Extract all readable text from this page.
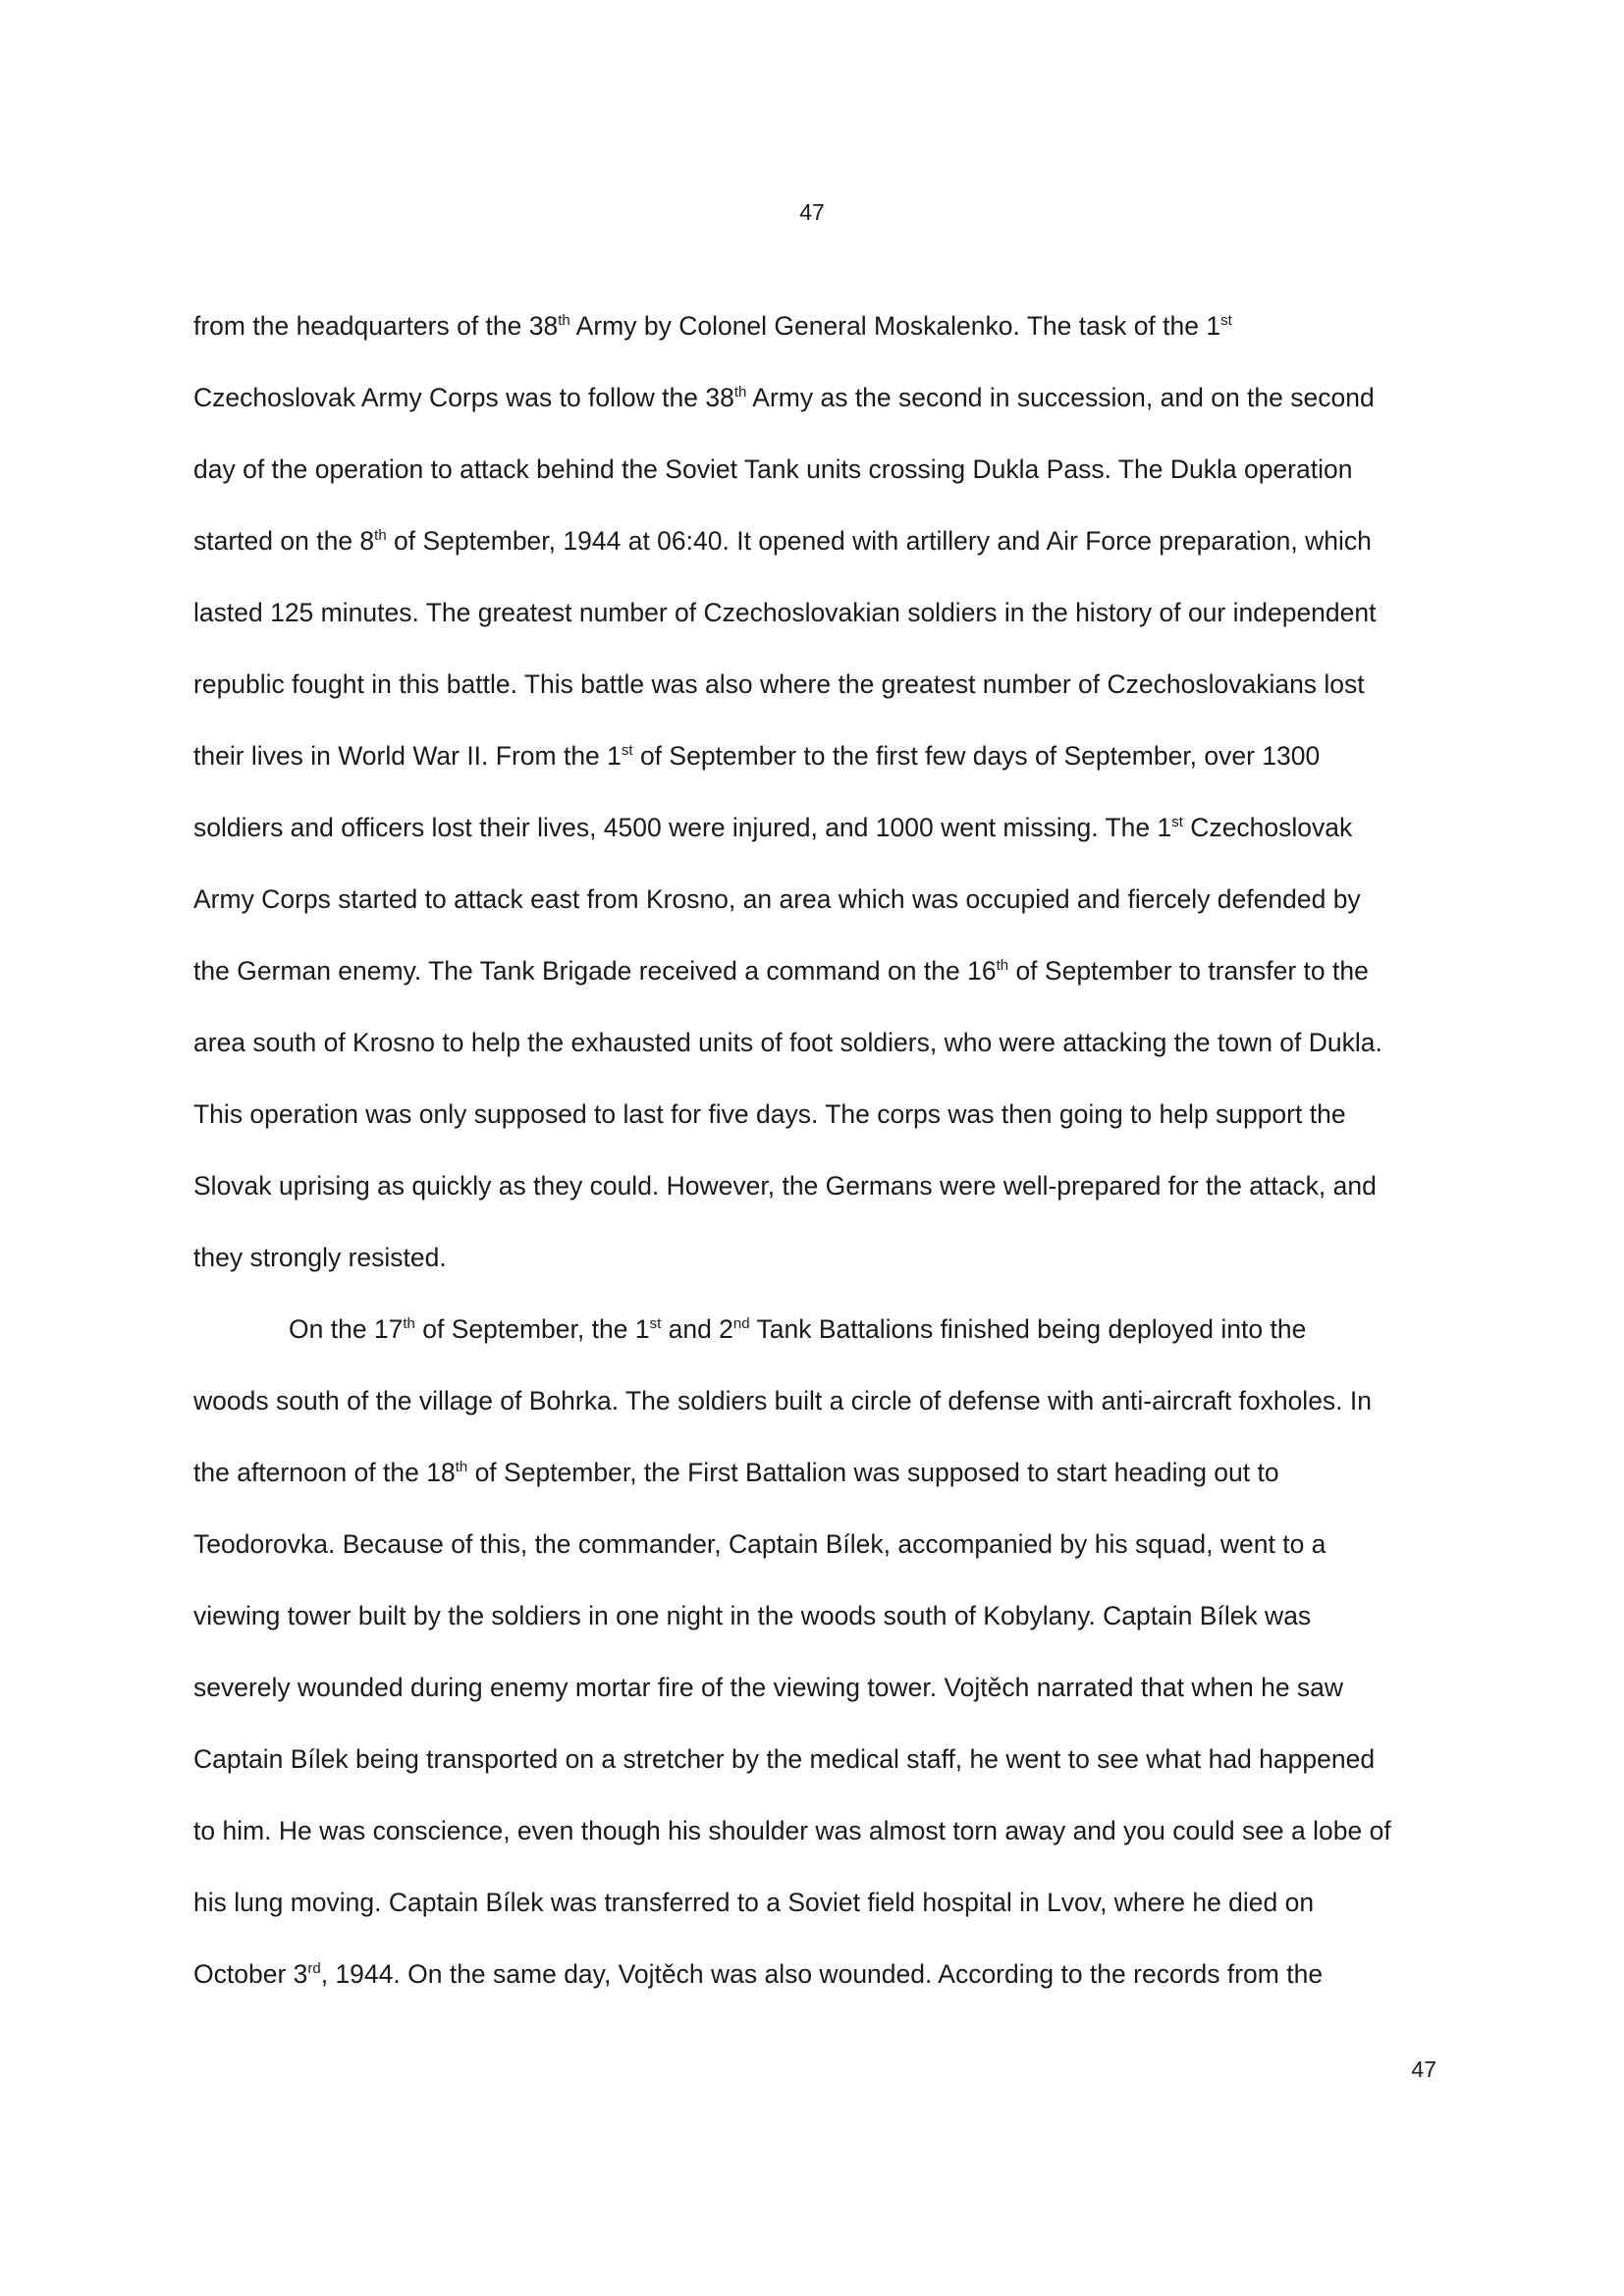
47
from the headquarters of the 38th Army by Colonel General Moskalenko. The task of the 1st
Czechoslovak Army Corps was to follow the 38th Army as the second in succession, and on the second
day of the operation to attack behind the Soviet Tank units crossing Dukla Pass. The Dukla operation
started on the 8th of September, 1944 at 06:40. It opened with artillery and Air Force preparation, which
lasted 125 minutes. The greatest number of Czechoslovakian soldiers in the history of our independent
republic fought in this battle. This battle was also where the greatest number of Czechoslovakians lost
their lives in World War II. From the 1st of September to the first few days of September, over 1300
soldiers and officers lost their lives, 4500 were injured, and 1000 went missing. The 1st Czechoslovak
Army Corps started to attack east from Krosno, an area which was occupied and fiercely defended by
the German enemy. The Tank Brigade received a command on the 16th of September to transfer to the
area south of Krosno to help the exhausted units of foot soldiers, who were attacking the town of Dukla.
This operation was only supposed to last for five days. The corps was then going to help support the
Slovak uprising as quickly as they could. However, the Germans were well-prepared for the attack, and
they strongly resisted.
On the 17th of September, the 1st and 2nd Tank Battalions finished being deployed into the
woods south of the village of Bohrka. The soldiers built a circle of defense with anti-aircraft foxholes. In
the afternoon of the 18th of September, the First Battalion was supposed to start heading out to
Teodorovka. Because of this, the commander, Captain Bílek, accompanied by his squad, went to a
viewing tower built by the soldiers in one night in the woods south of Kobylany. Captain Bílek was
severely wounded during enemy mortar fire of the viewing tower. Vojtěch narrated that when he saw
Captain Bílek being transported on a stretcher by the medical staff, he went to see what had happened
to him. He was conscience, even though his shoulder was almost torn away and you could see a lobe of
his lung moving. Captain Bílek was transferred to a Soviet field hospital in Lvov, where he died on
October 3rd, 1944. On the same day, Vojtěch was also wounded. According to the records from the
47
